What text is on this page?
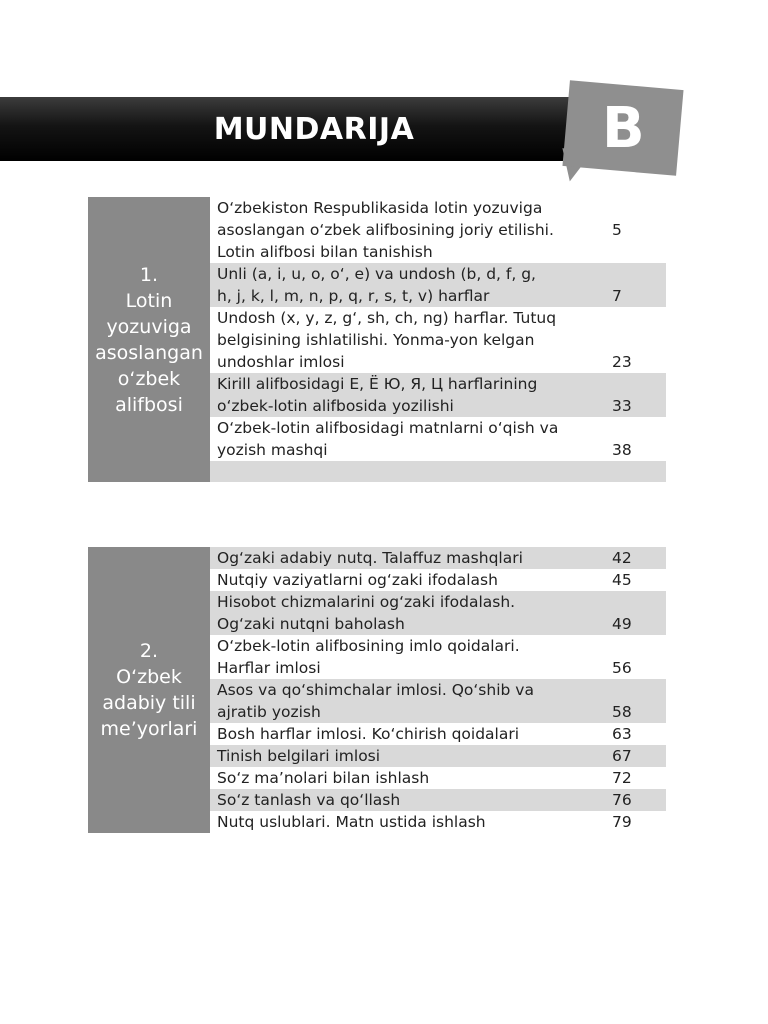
MUNDARIJA	B
1.
Lotin
yozuviga
asoslangan
o‘zbek
alifbosi
O‘zbekiston Respublikasida lotin yozuviga
asoslangan o‘zbek alifbosining joriy etilishi.
Lotin alifbosi bilan tanishish
5
Unli (a, i, u, o, o‘, e) va undosh (b, d, f, g,
h, j, k, l, m, n, p, q, r, s, t, v) harflar	7
Undosh (x, y, z, g‘, sh, ch, ng) harflar. Tutuq
belgisining ishlatilishi. Yonma-yon kelgan
undoshlar imlosi	23
Kirill alifbosidagi Е, Ё Ю, Я, Ц harflarining
o‘zbek-lotin alifbosida yozilishi	33
O‘zbek-lotin alifbosidagi matnlarni o‘qish va
yozish mashqi	38
2.
O‘zbek
adabiy tili
me’yorlari
Og‘zaki adabiy nutq. Talaffuz mashqlari	42
Nutqiy vaziyatlarni og‘zaki ifodalash	45
Hisobot chizmalarini og‘zaki ifodalash.
Og‘zaki nutqni baholash	49
O‘zbek-lotin alifbosining imlo qoidalari.
Harflar imlosi	56
Asos va qo‘shimchalar imlosi. Qo‘shib va
ajratib yozish	58
Bosh harflar imlosi. Ko‘chirish qoidalari	63
Tinish belgilari imlosi	67
So‘z ma’nolari bilan ishlash	72
So‘z tanlash va qo‘llash	76
Nutq uslublari. Matn ustida ishlash	79
